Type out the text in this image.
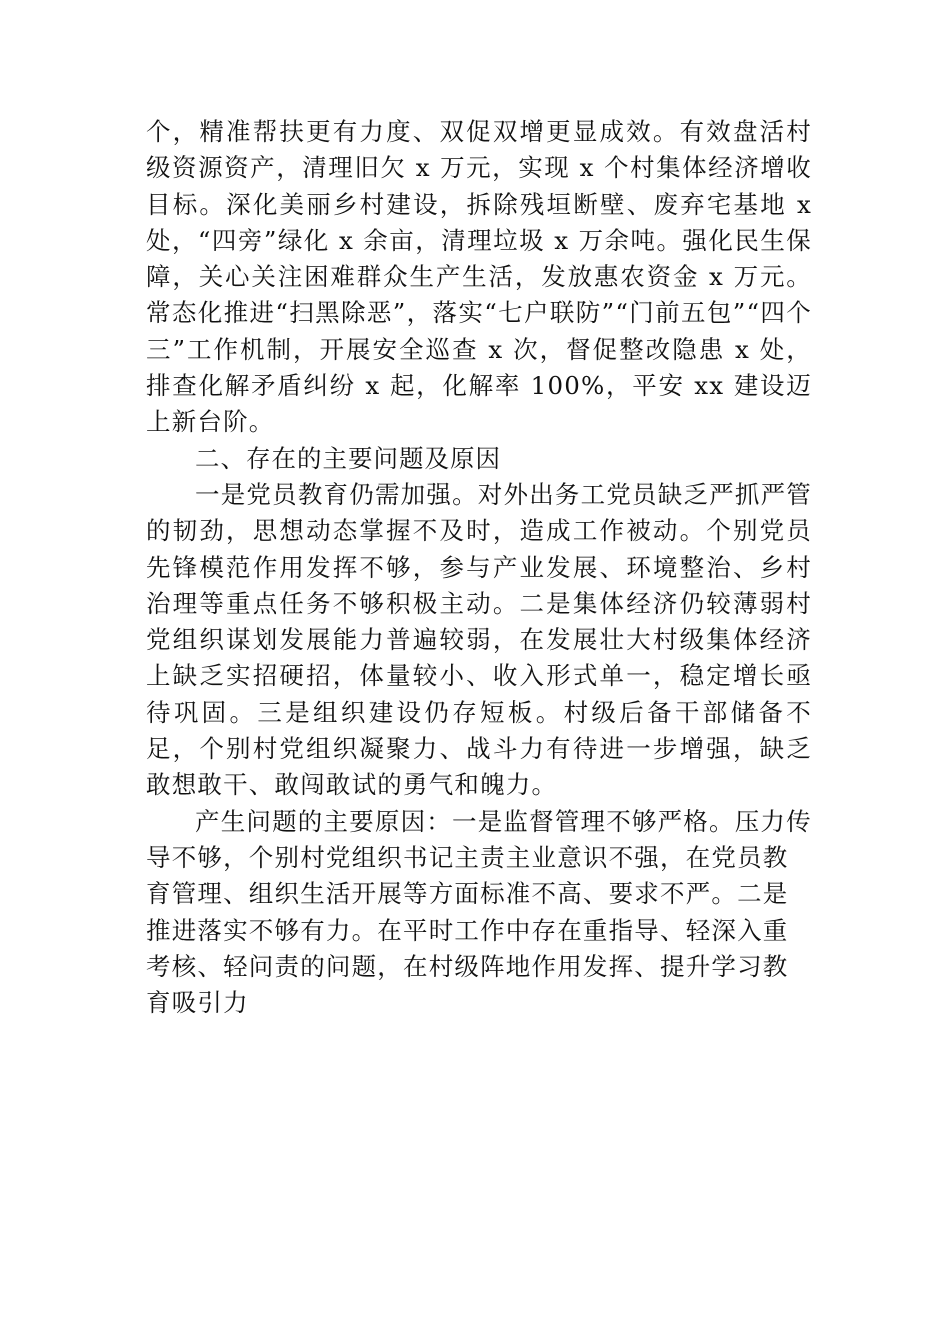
个，精准帮扶更有力度、双促双增更显成效。有效盘活村级资源资产，清理旧欠 x 万元，实现 x 个村集体经济增收目标。深化美丽乡村建设，拆除残垣断壁、废弃宅基地 x 处，“四旁”绿化 x 余亩，清理垃圾 x 万余吨。强化民生保障，关心关注困难群众生产生活，发放惠农资金 x 万元。常态化推进“扫黑除恶”，落实“七户联防”“门前五包”“四个三”工作机制，开展安全巡查 x 次，督促整改隐患 x 处，排查化解矛盾纠纷 x 起，化解率 100%，平安 xx 建设迈上新台阶。

二、存在的主要问题及原因

一是党员教育仍需加强。对外出务工党员缺乏严抓严管的韧劲，思想动态掌握不及时，造成工作被动。个别党员先锋模范作用发挥不够，参与产业发展、环境整治、乡村治理等重点任务不够积极主动。二是集体经济仍较薄弱村党组织谋划发展能力普遍较弱，在发展壮大村级集体经济上缺乏实招硬招，体量较小、收入形式单一，稳定增长亟待巩固。三是组织建设仍存短板。村级后备干部储备不足，个别村党组织凝聚力、战斗力有待进一步增强，缺乏敢想敢干、敢闯敢试的勇气和魄力。

产生问题的主要原因：一是监督管理不够严格。压力传导不够，个别村党组织书记主责主业意识不强，在党员教育管理、组织生活开展等方面标准不高、要求不严。二是推进落实不够有力。在平时工作中存在重指导、轻深入重考核、轻问责的问题，在村级阵地作用发挥、提升学习教育吸引力
